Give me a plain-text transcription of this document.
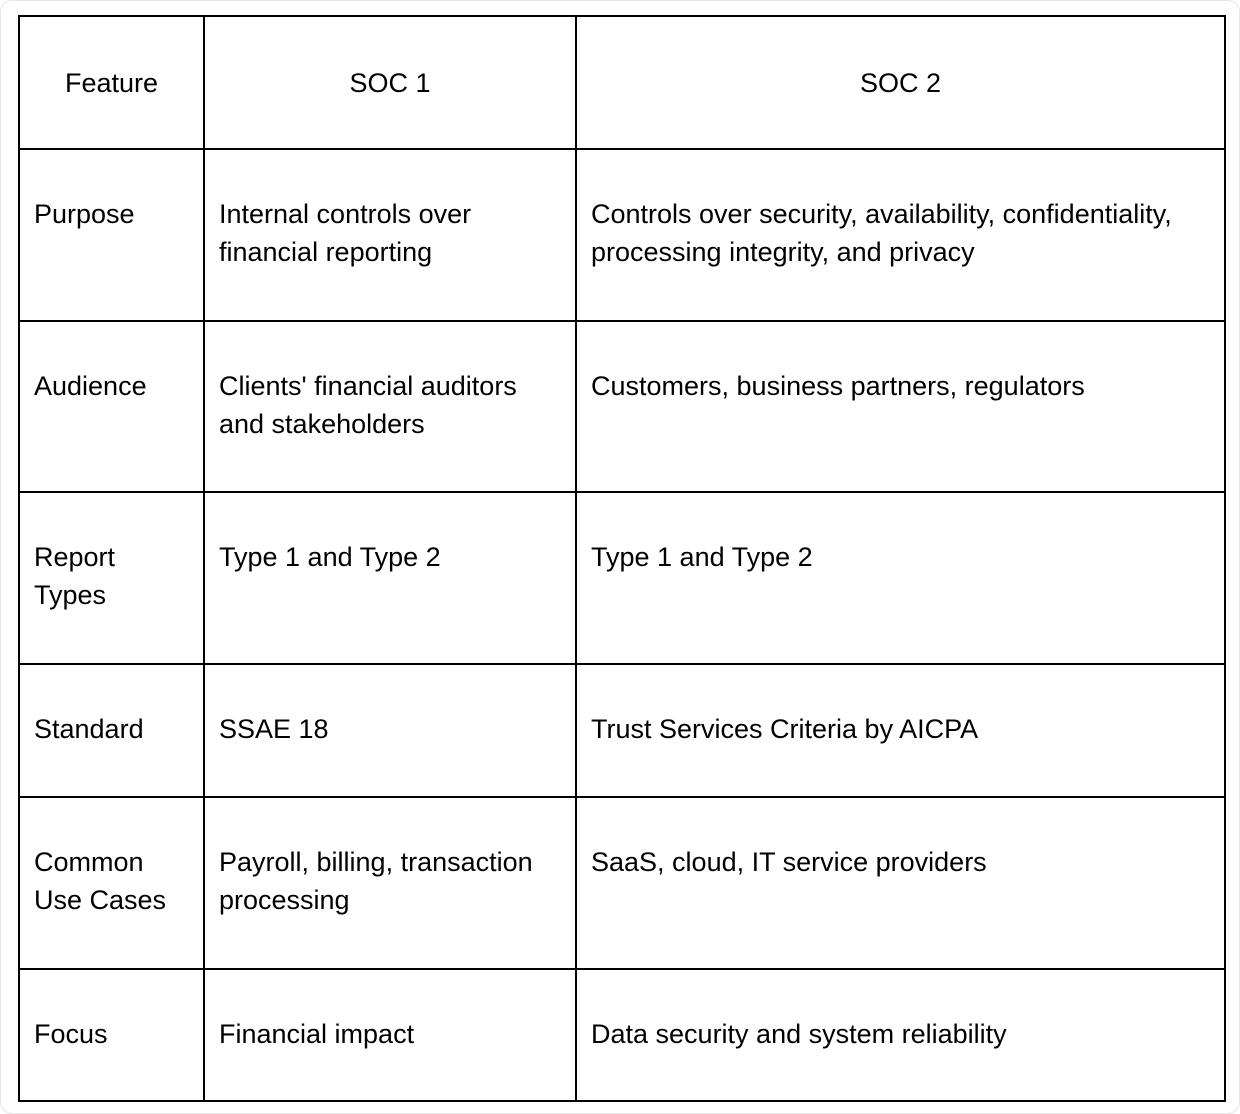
Feature	SOC 1	SOC 2
Purpose	Internal controls over financial reporting	Controls over security, availability, confidentiality, processing integrity, and privacy
Audience	Clients' financial auditors and stakeholders	Customers, business partners, regulators
Report Types	Type 1 and Type 2	Type 1 and Type 2
Standard	SSAE 18	Trust Services Criteria by AICPA
Common Use Cases	Payroll, billing, transaction processing	SaaS, cloud, IT service providers
Focus	Financial impact	Data security and system reliability
